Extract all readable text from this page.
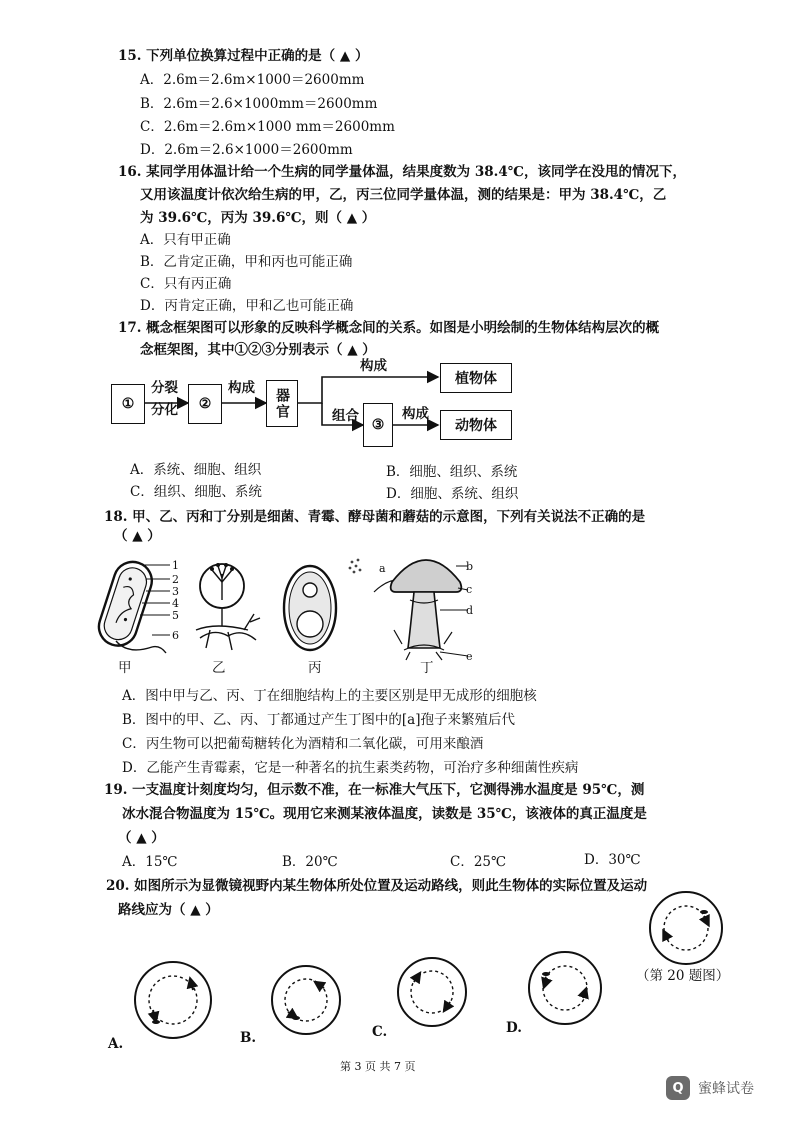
15. 下列单位换算过程中正确的是（ ▲ ）
A．2.6m＝2.6m×1000＝2600mm
B．2.6m＝2.6×1000mm＝2600mm
C．2.6m＝2.6m×1000 mm＝2600mm
D．2.6m＝2.6×1000＝2600mm
16. 某同学用体温计给一个生病的同学量体温，结果度数为 38.4℃，该同学在没甩的情况下，
又用该温度计依次给生病的甲，乙，丙三位同学量体温，测的结果是：甲为 38.4℃，乙
为 39.6℃，丙为 39.6℃，则（ ▲ ）
A．只有甲正确
B．乙肯定正确，甲和丙也可能正确
C．只有丙正确
D．丙肯定正确，甲和乙也可能正确
17. 概念框架图可以形象的反映科学概念间的关系。如图是小明绘制的生物体结构层次的概
念框架图，其中①②③分别表示（ ▲ ）
①
分裂
分化	②
构成	器官
构成
组合
③
构成
植物体
动物体
A．系统、细胞、组织	B．细胞、组织、系统
C．组织、细胞、系统	D．细胞、系统、组织
18. 甲、乙、丙和丁分别是细菌、青霉、酵母菌和蘑菇的示意图，下列有关说法不正确的是
（ ▲ ）
1
2
3
4
5
6
甲	乙	丙
a	b
c
d
e
丁
A．图中甲与乙、丙、丁在细胞结构上的主要区别是甲无成形的细胞核
B．图中的甲、乙、丙、丁都通过产生丁图中的[a]孢子来繁殖后代
C．丙生物可以把葡萄糖转化为酒精和二氧化碳，可用来酿酒
D．乙能产生青霉素，它是一种著名的抗生素类药物，可治疗多种细菌性疾病
19. 一支温度计刻度均匀，但示数不准，在一标准大气压下，它测得沸水温度是 95℃，测
冰水混合物温度为 15℃。现用它来测某液体温度，读数是 35℃，该液体的真正温度是
（ ▲ ）
A．15℃	B．20℃	C．25℃	D．30℃
20. 如图所示为显微镜视野内某生物体所处位置及运动路线，则此生物体的实际位置及运动
路线应为（ ▲ ）
（第 20 题图）
A.	B.	C.	D.
第 3 页 共 7 页
Q	蜜蜂试卷
